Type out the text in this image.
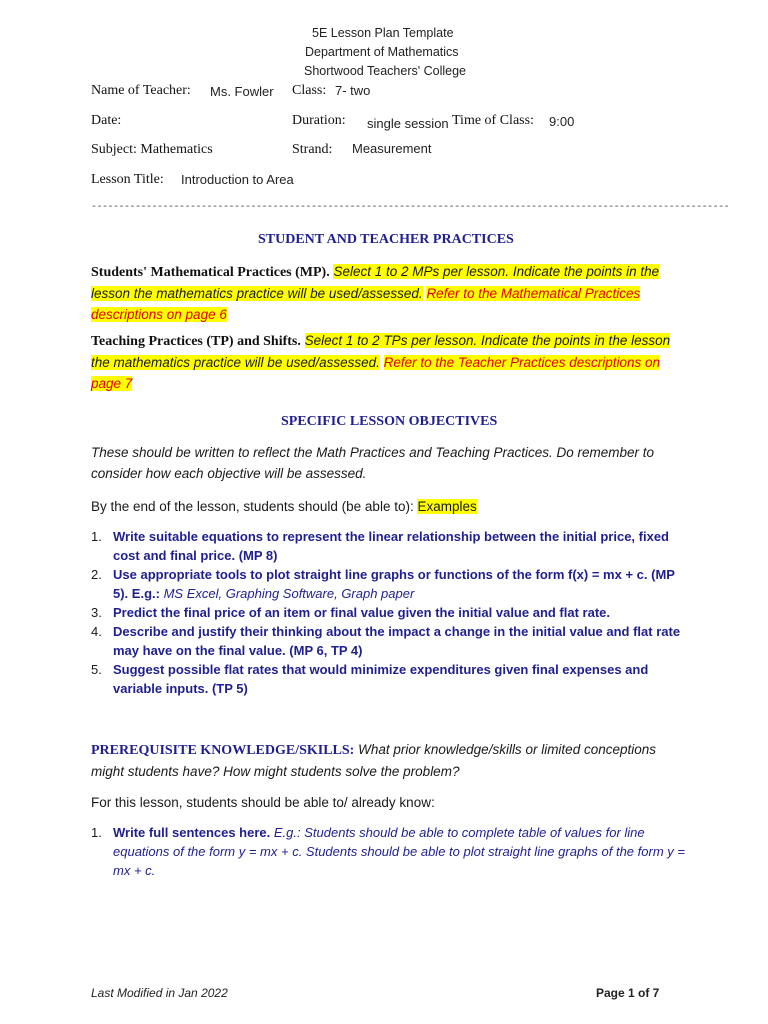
5E Lesson Plan Template
Department of Mathematics
Shortwood Teachers' College
Name of Teacher: Ms. Fowler Class: 7- two
Date:	Duration: single session Time of Class: 9:00
Subject: Mathematics	Strand: Measurement
Lesson Title: Introduction to Area
--------------------------------------------------------------------------------------------------------------------
STUDENT AND TEACHER PRACTICES
Students' Mathematical Practices (MP). Select 1 to 2 MPs per lesson. Indicate the points in the lesson the mathematics practice will be used/assessed. Refer to the Mathematical Practices descriptions on page 6
Teaching Practices (TP) and Shifts. Select 1 to 2 TPs per lesson. Indicate the points in the lesson the mathematics practice will be used/assessed. Refer to the Teacher Practices descriptions on page 7
SPECIFIC LESSON OBJECTIVES
These should be written to reflect the Math Practices and Teaching Practices. Do remember to consider how each objective will be assessed.
By the end of the lesson, students should (be able to): Examples
1. Write suitable equations to represent the linear relationship between the initial price, fixed cost and final price. (MP 8)
2. Use appropriate tools to plot straight line graphs or functions of the form f(x) = mx + c. (MP 5). E.g.: MS Excel, Graphing Software, Graph paper
3. Predict the final price of an item or final value given the initial value and flat rate.
4. Describe and justify their thinking about the impact a change in the initial value and flat rate may have on the final value. (MP 6, TP 4)
5. Suggest possible flat rates that would minimize expenditures given final expenses and variable inputs. (TP 5)
PREREQUISITE KNOWLEDGE/SKILLS: What prior knowledge/skills or limited conceptions might students have? How might students solve the problem?
For this lesson, students should be able to/ already know:
1. Write full sentences here. E.g.: Students should be able to complete table of values for line equations of the form y = mx + c. Students should be able to plot straight line graphs of the form y = mx + c.
Last Modified in Jan 2022	Page 1 of 7
